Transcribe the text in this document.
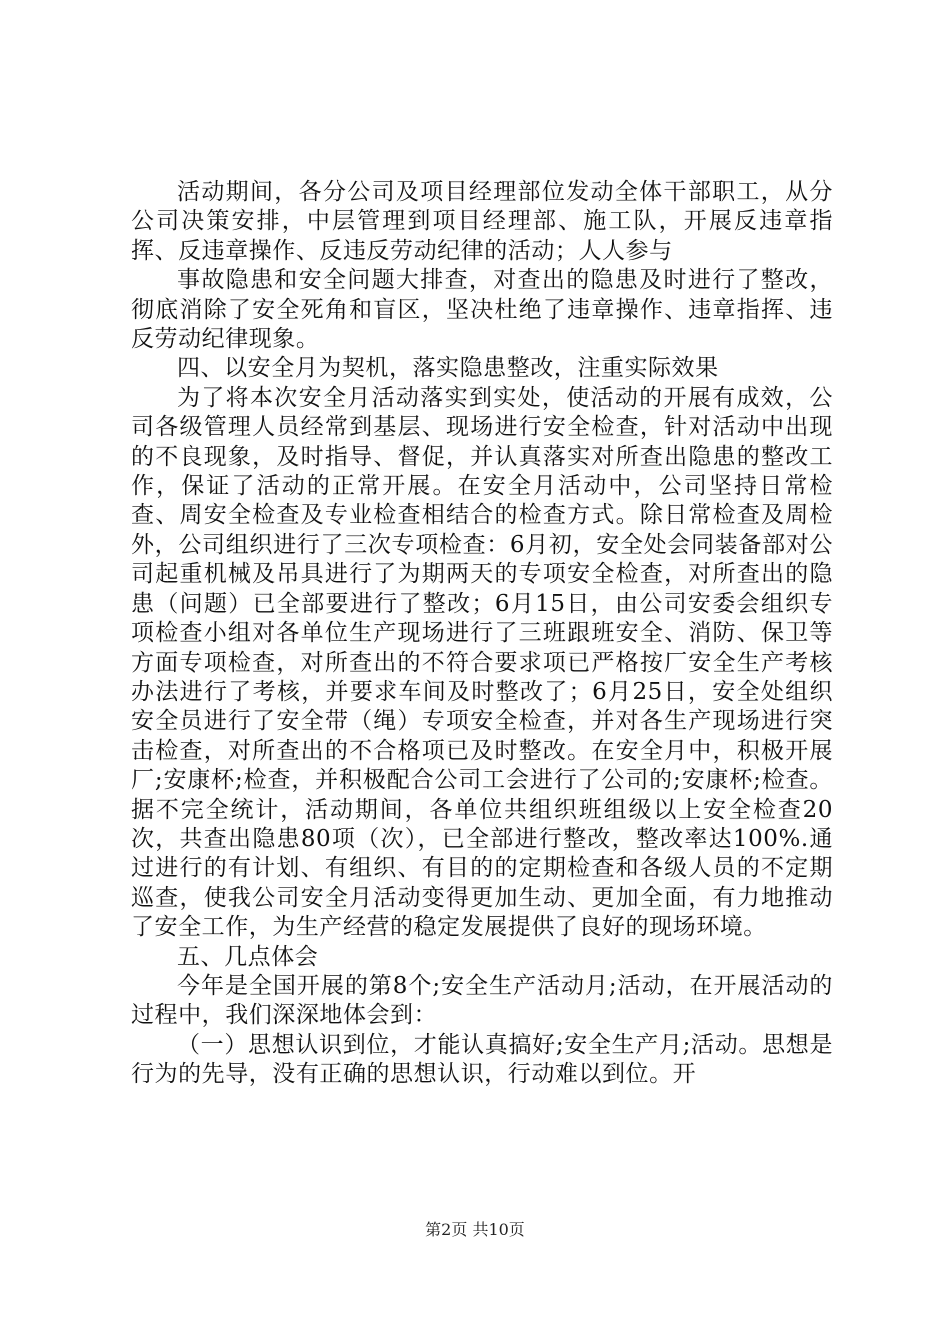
活动期间，各分公司及项目经理部位发动全体干部职工，从分公司决策安排，中层管理到项目经理部、施工队，开展反违章指挥、反违章操作、反违反劳动纪律的活动；人人参与

事故隐患和安全问题大排查，对查出的隐患及时进行了整改，彻底消除了安全死角和盲区，坚决杜绝了违章操作、违章指挥、违反劳动纪律现象。

四、以安全月为契机，落实隐患整改，注重实际效果

为了将本次安全月活动落实到实处，使活动的开展有成效，公司各级管理人员经常到基层、现场进行安全检查，针对活动中出现的不良现象，及时指导、督促，并认真落实对所查出隐患的整改工作，保证了活动的正常开展。在安全月活动中，公司坚持日常检查、周安全检查及专业检查相结合的检查方式。除日常检查及周检外，公司组织进行了三次专项检查：6月初，安全处会同装备部对公司起重机械及吊具进行了为期两天的专项安全检查，对所查出的隐患（问题）已全部要进行了整改；6月15日，由公司安委会组织专项检查小组对各单位生产现场进行了三班跟班安全、消防、保卫等方面专项检查，对所查出的不符合要求项已严格按厂安全生产考核办法进行了考核，并要求车间及时整改了；6月25日，安全处组织安全员进行了安全带（绳）专项安全检查，并对各生产现场进行突击检查，对所查出的不合格项已及时整改。在安全月中，积极开展厂;安康杯;检查，并积极配合公司工会进行了公司的;安康杯;检查。据不完全统计，活动期间，各单位共组织班组级以上安全检查20次，共查出隐患80项（次），已全部进行整改，整改率达100%.通过进行的有计划、有组织、有目的的定期检查和各级人员的不定期巡查，使我公司安全月活动变得更加生动、更加全面，有力地推动了安全工作，为生产经营的稳定发展提供了良好的现场环境。

五、几点体会

今年是全国开展的第8个;安全生产活动月;活动，在开展活动的过程中，我们深深地体会到：

（一）思想认识到位，才能认真搞好;安全生产月;活动。思想是行为的先导，没有正确的思想认识，行动难以到位。开

第2页 共10页
